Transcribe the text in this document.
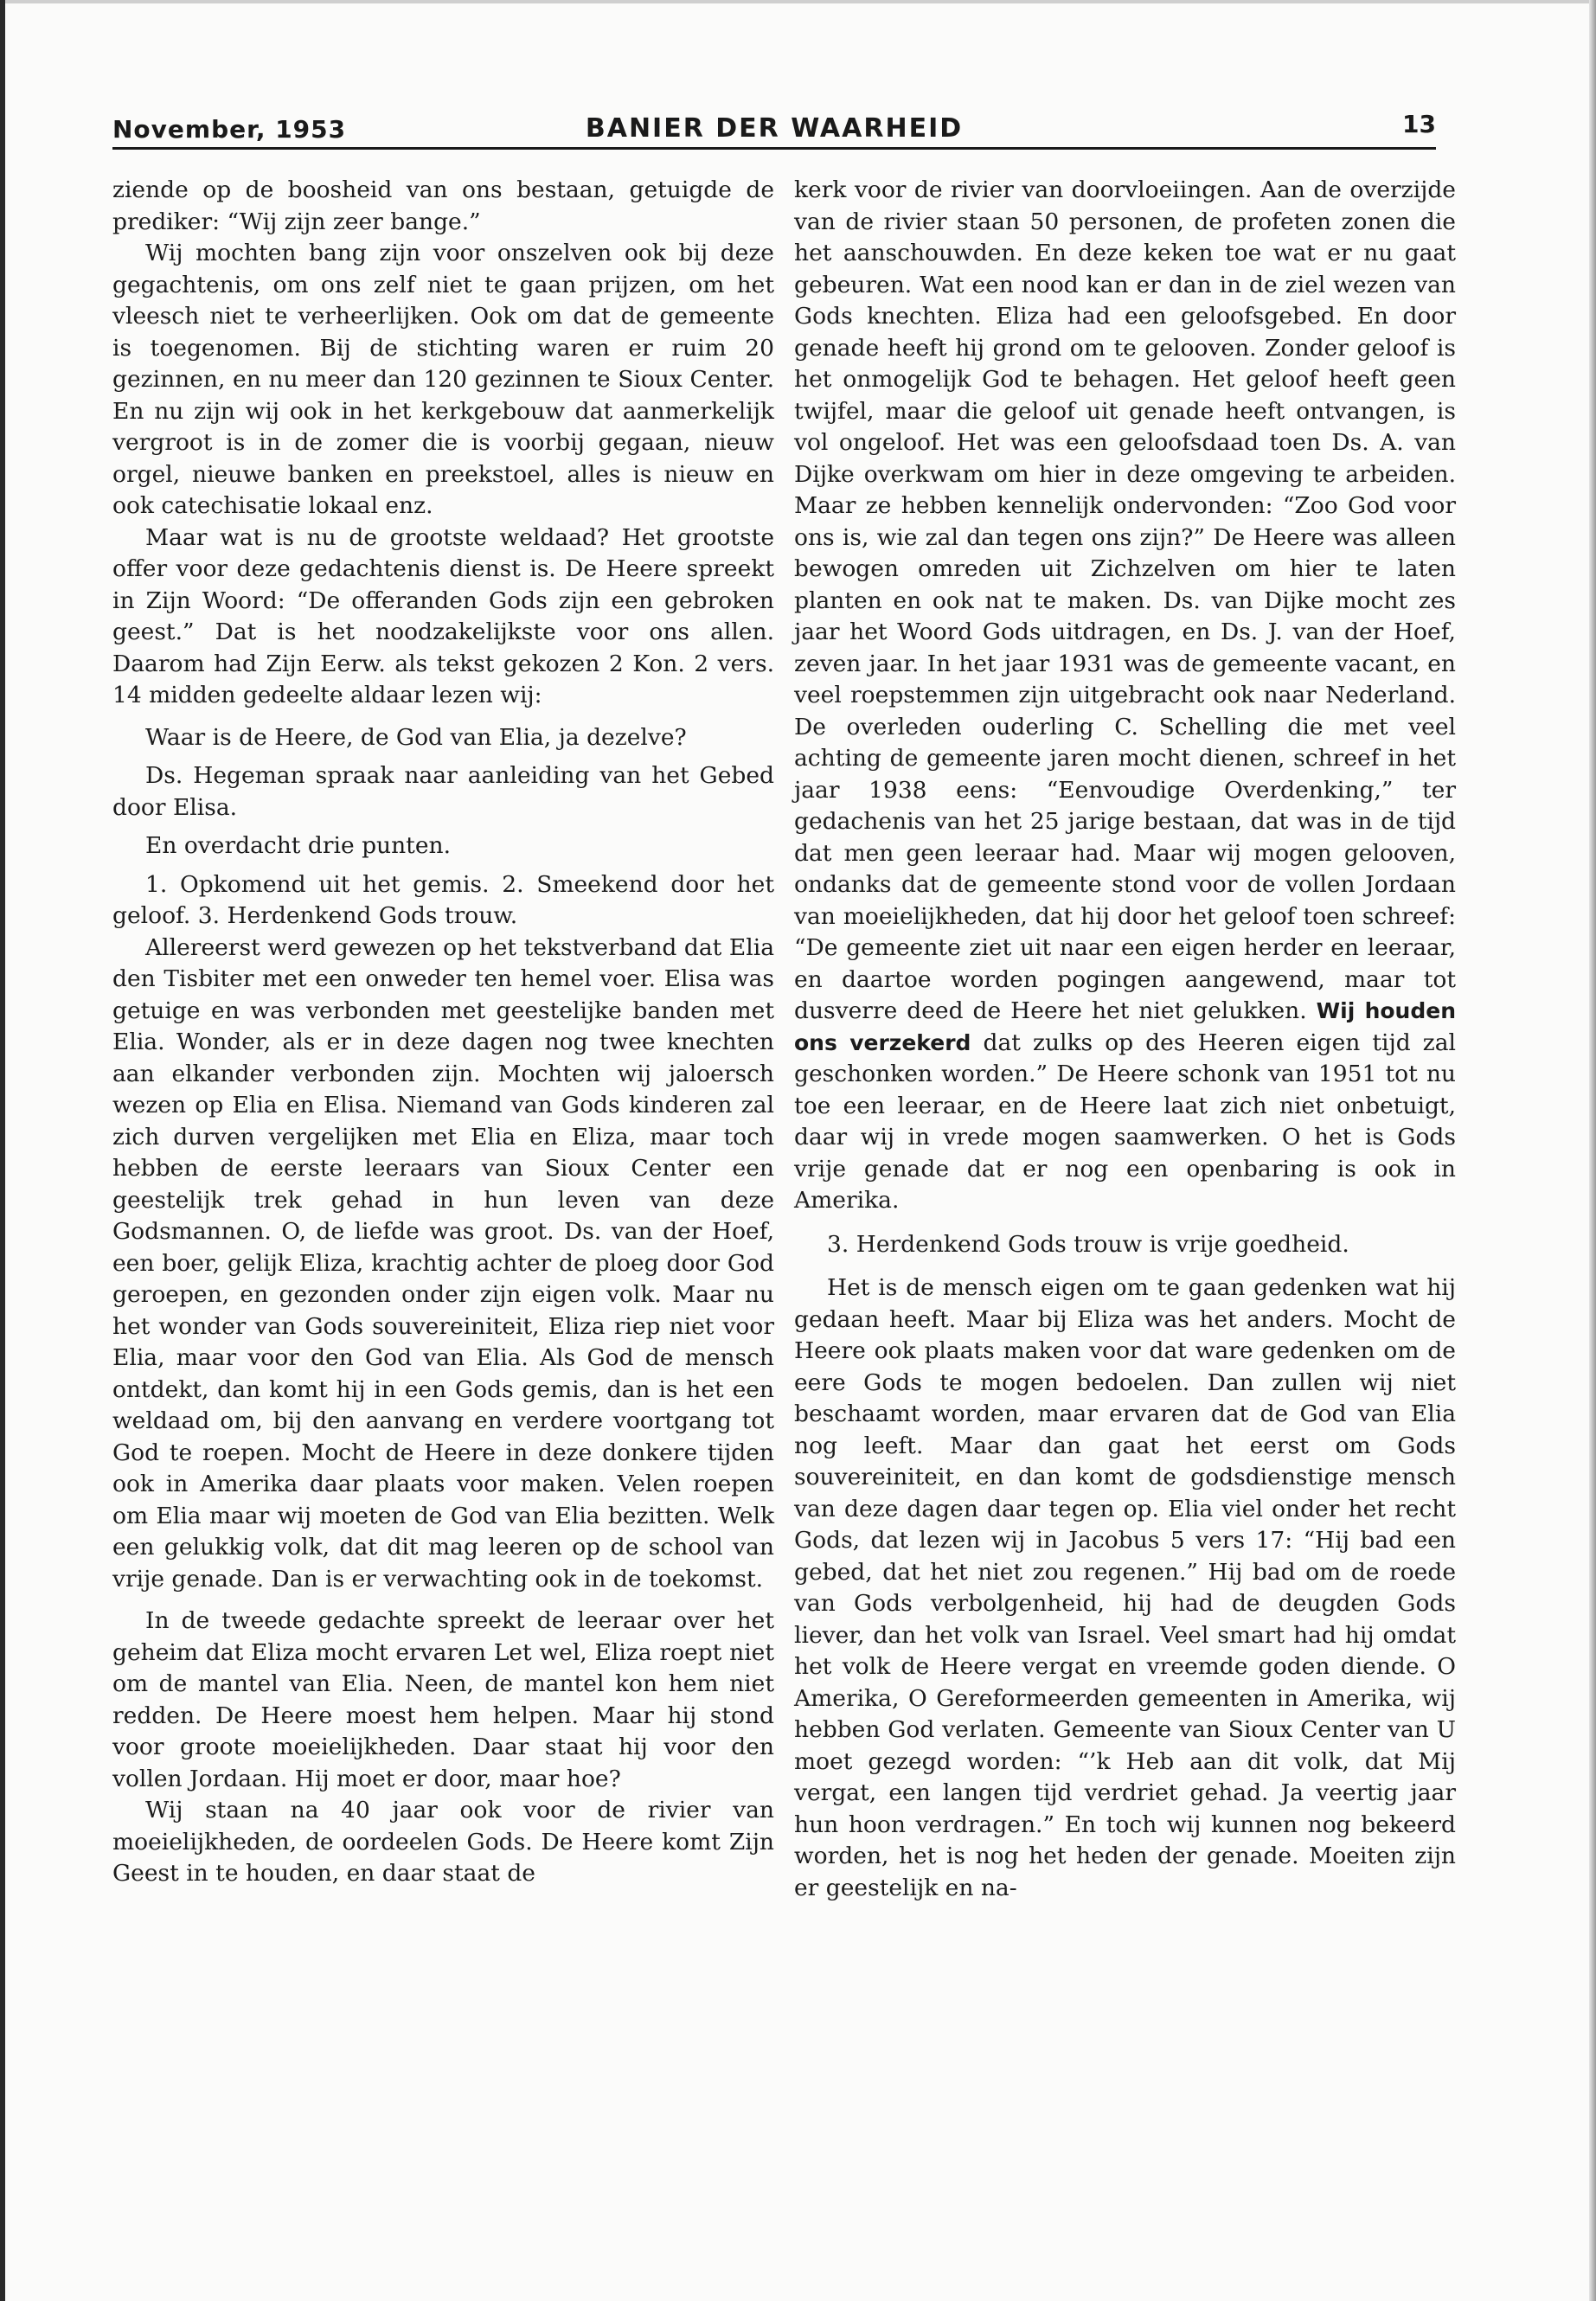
BANIER DER WAARHEID
November, 1953	13

ziende op de boosheid van ons bestaan, getuigde de prediker: “Wij zijn zeer bange.”

Wij mochten bang zijn voor onszelven ook bij deze gegachtenis, om ons zelf niet te gaan prijzen, om het vleesch niet te verheerlijken. Ook om dat de gemeente is toegenomen. Bij de stichting waren er ruim 20 gezinnen, en nu meer dan 120 gezinnen te Sioux Center. En nu zijn wij ook in het kerkgebouw dat aanmerkelijk vergroot is in de zomer die is voorbij gegaan, nieuw orgel, nieuwe banken en preekstoel, alles is nieuw en ook catechisatie lokaal enz.

Maar wat is nu de grootste weldaad? Het grootste offer voor deze gedachtenis dienst is. De Heere spreekt in Zijn Woord: “De offeranden Gods zijn een gebroken geest.” Dat is het noodzakelijkste voor ons allen. Daarom had Zijn Eerw. als tekst gekozen 2 Kon. 2 vers. 14 midden gedeelte aldaar lezen wij:

Waar is de Heere, de God van Elia, ja dezelve?

Ds. Hegeman spraak naar aanleiding van het Gebed door Elisa.

En overdacht drie punten.

1. Opkomend uit het gemis. 2. Smeekend door het geloof. 3. Herdenkend Gods trouw.

Allereerst werd gewezen op het tekstverband dat Elia den Tisbiter met een onweder ten hemel voer. Elisa was getuige en was verbonden met geestelijke banden met Elia. Wonder, als er in deze dagen nog twee knechten aan elkander verbonden zijn. Mochten wij jaloersch wezen op Elia en Elisa. Niemand van Gods kinderen zal zich durven vergelijken met Elia en Eliza, maar toch hebben de eerste leeraars van Sioux Center een geestelijk trek gehad in hun leven van deze Godsmannen. O, de liefde was groot. Ds. van der Hoef, een boer, gelijk Eliza, krachtig achter de ploeg door God geroepen, en gezonden onder zijn eigen volk. Maar nu het wonder van Gods souvereiniteit, Eliza riep niet voor Elia, maar voor den God van Elia. Als God de mensch ontdekt, dan komt hij in een Gods gemis, dan is het een weldaad om, bij den aanvang en verdere voortgang tot God te roepen. Mocht de Heere in deze donkere tijden ook in Amerika daar plaats voor maken. Velen roepen om Elia maar wij moeten de God van Elia bezitten. Welk een gelukkig volk, dat dit mag leeren op de school van vrije genade. Dan is er verwachting ook in de toekomst.

In de tweede gedachte spreekt de leeraar over het geheim dat Eliza mocht ervaren Let wel, Eliza roept niet om de mantel van Elia. Neen, de mantel kon hem niet redden. De Heere moest hem helpen. Maar hij stond voor groote moeielijkheden. Daar staat hij voor den vollen Jordaan. Hij moet er door, maar hoe?

Wij staan na 40 jaar ook voor de rivier van moeielijkheden, de oordeelen Gods. De Heere komt Zijn Geest in te houden, en daar staat de

kerk voor de rivier van doorvloeiingen. Aan de overzijde van de rivier staan 50 personen, de profeten zonen die het aanschouwden. En deze keken toe wat er nu gaat gebeuren. Wat een nood kan er dan in de ziel wezen van Gods knechten. Eliza had een geloofsgebed. En door genade heeft hij grond om te gelooven. Zonder geloof is het onmogelijk God te behagen. Het geloof heeft geen twijfel, maar die geloof uit genade heeft ontvangen, is vol ongeloof. Het was een geloofsdaad toen Ds. A. van Dijke overkwam om hier in deze omgeving te arbeiden. Maar ze hebben kennelijk ondervonden: “Zoo God voor ons is, wie zal dan tegen ons zijn?” De Heere was alleen bewogen omreden uit Zichzelven om hier te laten planten en ook nat te maken. Ds. van Dijke mocht zes jaar het Woord Gods uitdragen, en Ds. J. van der Hoef, zeven jaar. In het jaar 1931 was de gemeente vacant, en veel roepstemmen zijn uitgebracht ook naar Nederland. De overleden ouderling C. Schelling die met veel achting de gemeente jaren mocht dienen, schreef in het jaar 1938 eens: “Eenvoudige Overdenking,” ter gedachenis van het 25 jarige bestaan, dat was in de tijd dat men geen leeraar had. Maar wij mogen gelooven, ondanks dat de gemeente stond voor de vollen Jordaan van moeielijkheden, dat hij door het geloof toen schreef: “De gemeente ziet uit naar een eigen herder en leeraar, en daartoe worden pogingen aangewend, maar tot dusverre deed de Heere het niet gelukken. Wij houden ons verzekerd dat zulks op des Heeren eigen tijd zal geschonken worden.” De Heere schonk van 1951 tot nu toe een leeraar, en de Heere laat zich niet onbetuigt, daar wij in vrede mogen saamwerken. O het is Gods vrije genade dat er nog een openbaring is ook in Amerika.

3. Herdenkend Gods trouw is vrije goedheid.

Het is de mensch eigen om te gaan gedenken wat hij gedaan heeft. Maar bij Eliza was het anders. Mocht de Heere ook plaats maken voor dat ware gedenken om de eere Gods te mogen bedoelen. Dan zullen wij niet beschaamt worden, maar ervaren dat de God van Elia nog leeft. Maar dan gaat het eerst om Gods souvereiniteit, en dan komt de godsdienstige mensch van deze dagen daar tegen op. Elia viel onder het recht Gods, dat lezen wij in Jacobus 5 vers 17: “Hij bad een gebed, dat het niet zou regenen.” Hij bad om de roede van Gods verbolgenheid, hij had de deugden Gods liever, dan het volk van Israel. Veel smart had hij omdat het volk de Heere vergat en vreemde goden diende. O Amerika, O Gereformeerden gemeenten in Amerika, wij hebben God verlaten. Gemeente van Sioux Center van U moet gezegd worden: “’k Heb aan dit volk, dat Mij vergat, een langen tijd verdriet gehad. Ja veertig jaar hun hoon verdragen.” En toch wij kunnen nog bekeerd worden, het is nog het heden der genade. Moeiten zijn er geestelijk en na-
